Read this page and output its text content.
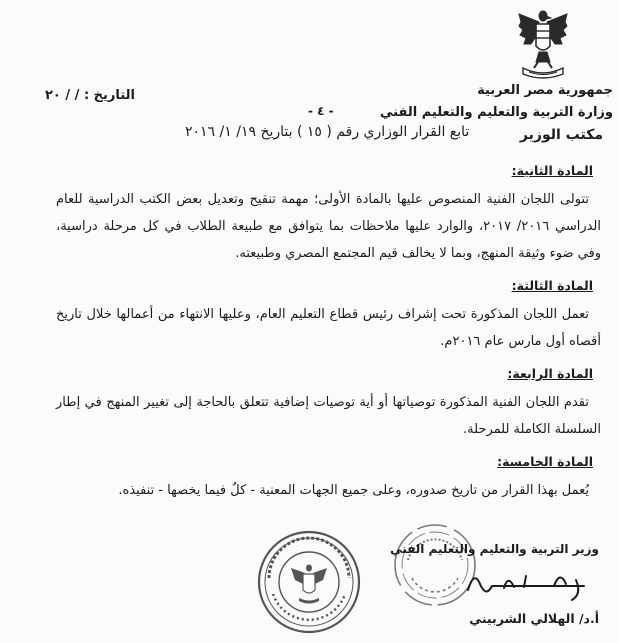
جمهورية مصر العربية
وزارة التربية والتعليم والتعليم الفني
مكتب الوزير
التاريخ : / / ٢٠
- ٤ -
تابع القرار الوزاري رقم ( ١٥ ) بتاريخ ١٩/ ١/ ٢٠١٦
المادة الثانية:

تتولى اللجان الفنية المنصوص عليها بالمادة الأولى؛ مهمة تنقيح وتعديل بعض الكتب الدراسية للعام الدراسي ٢٠١٦/ ٢٠١٧، والوارد عليها ملاحظات بما يتوافق مع طبيعة الطلاب في كل مرحلة دراسية، وفي ضوء وثيقة المنهج، وبما لا يخالف قيم المجتمع المصري وطبيعته.

المادة الثالثة:

تعمل اللجان المذكورة تحت إشراف رئيس قطاع التعليم العام، وعليها الانتهاء من أعمالها خلال تاريخ أقصاه أول مارس عام ٢٠١٦م.

المادة الرابعة:

تقدم اللجان الفنية المذكورة توصياتها أو أية توصيات إضافية تتعلق بالحاجة إلى تغيير المنهج في إطار السلسلة الكاملة للمرحلة.

المادة الخامسة:

يُعمل بهذا القرار من تاريخ صدوره، وعلى جميع الجهات المعنية - كلٌ فيما يخصها - تنفيذه.

وزير التربية والتعليم والتعليم الفني
أ.د/ الهلالي الشربيني
